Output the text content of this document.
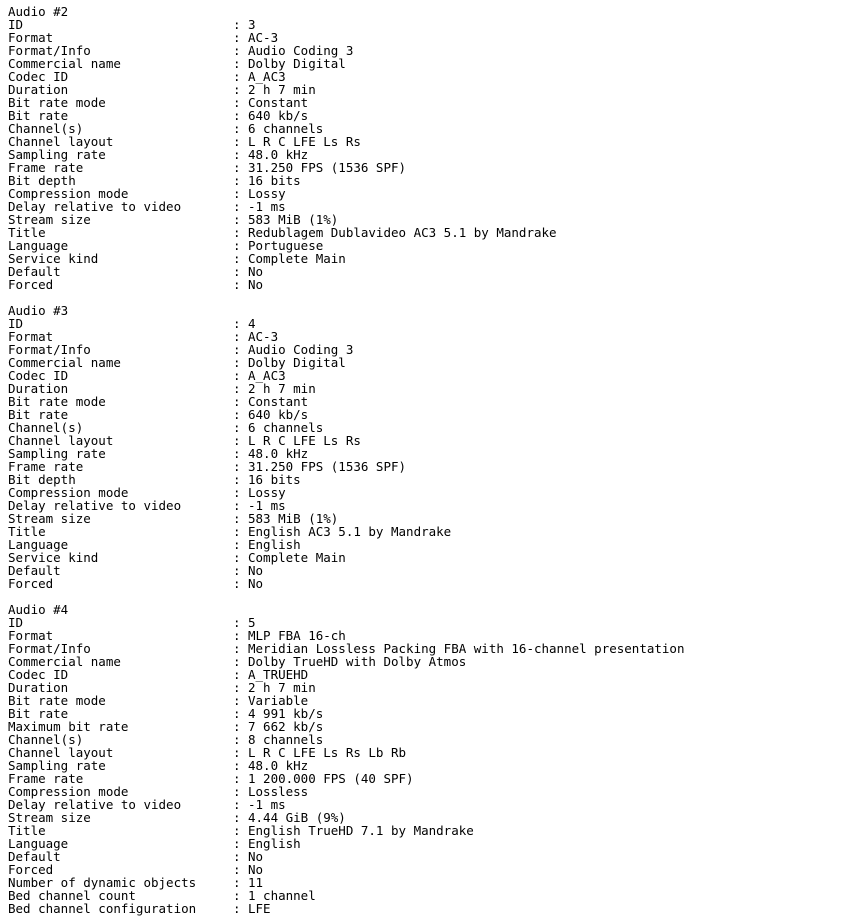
Audio #2
ID	: 3
Format	: AC-3
Format/Info	: Audio Coding 3
Commercial name	: Dolby Digital
Codec ID	: A_AC3
Duration	: 2 h 7 min
Bit rate mode	: Constant
Bit rate	: 640 kb/s
Channel(s)	: 6 channels
Channel layout	: L R C LFE Ls Rs
Sampling rate	: 48.0 kHz
Frame rate	: 31.250 FPS (1536 SPF)
Bit depth	: 16 bits
Compression mode	: Lossy
Delay relative to video	: -1 ms
Stream size	: 583 MiB (1%)
Title	: Redublagem Dublavideo AC3 5.1 by Mandrake
Language	: Portuguese
Service kind	: Complete Main
Default	: No
Forced	: No
Audio #3
ID	: 4
Format	: AC-3
Format/Info	: Audio Coding 3
Commercial name	: Dolby Digital
Codec ID	: A_AC3
Duration	: 2 h 7 min
Bit rate mode	: Constant
Bit rate	: 640 kb/s
Channel(s)	: 6 channels
Channel layout	: L R C LFE Ls Rs
Sampling rate	: 48.0 kHz
Frame rate	: 31.250 FPS (1536 SPF)
Bit depth	: 16 bits
Compression mode	: Lossy
Delay relative to video	: -1 ms
Stream size	: 583 MiB (1%)
Title	: English AC3 5.1 by Mandrake
Language	: English
Service kind	: Complete Main
Default	: No
Forced	: No
Audio #4
ID	: 5
Format	: MLP FBA 16-ch
Format/Info	: Meridian Lossless Packing FBA with 16-channel presentation
Commercial name	: Dolby TrueHD with Dolby Atmos
Codec ID	: A_TRUEHD
Duration	: 2 h 7 min
Bit rate mode	: Variable
Bit rate	: 4 991 kb/s
Maximum bit rate	: 7 662 kb/s
Channel(s)	: 8 channels
Channel layout	: L R C LFE Ls Rs Lb Rb
Sampling rate	: 48.0 kHz
Frame rate	: 1 200.000 FPS (40 SPF)
Compression mode	: Lossless
Delay relative to video	: -1 ms
Stream size	: 4.44 GiB (9%)
Title	: English TrueHD 7.1 by Mandrake
Language	: English
Default	: No
Forced	: No
Number of dynamic objects	: 11
Bed channel count	: 1 channel
Bed channel configuration	: LFE
